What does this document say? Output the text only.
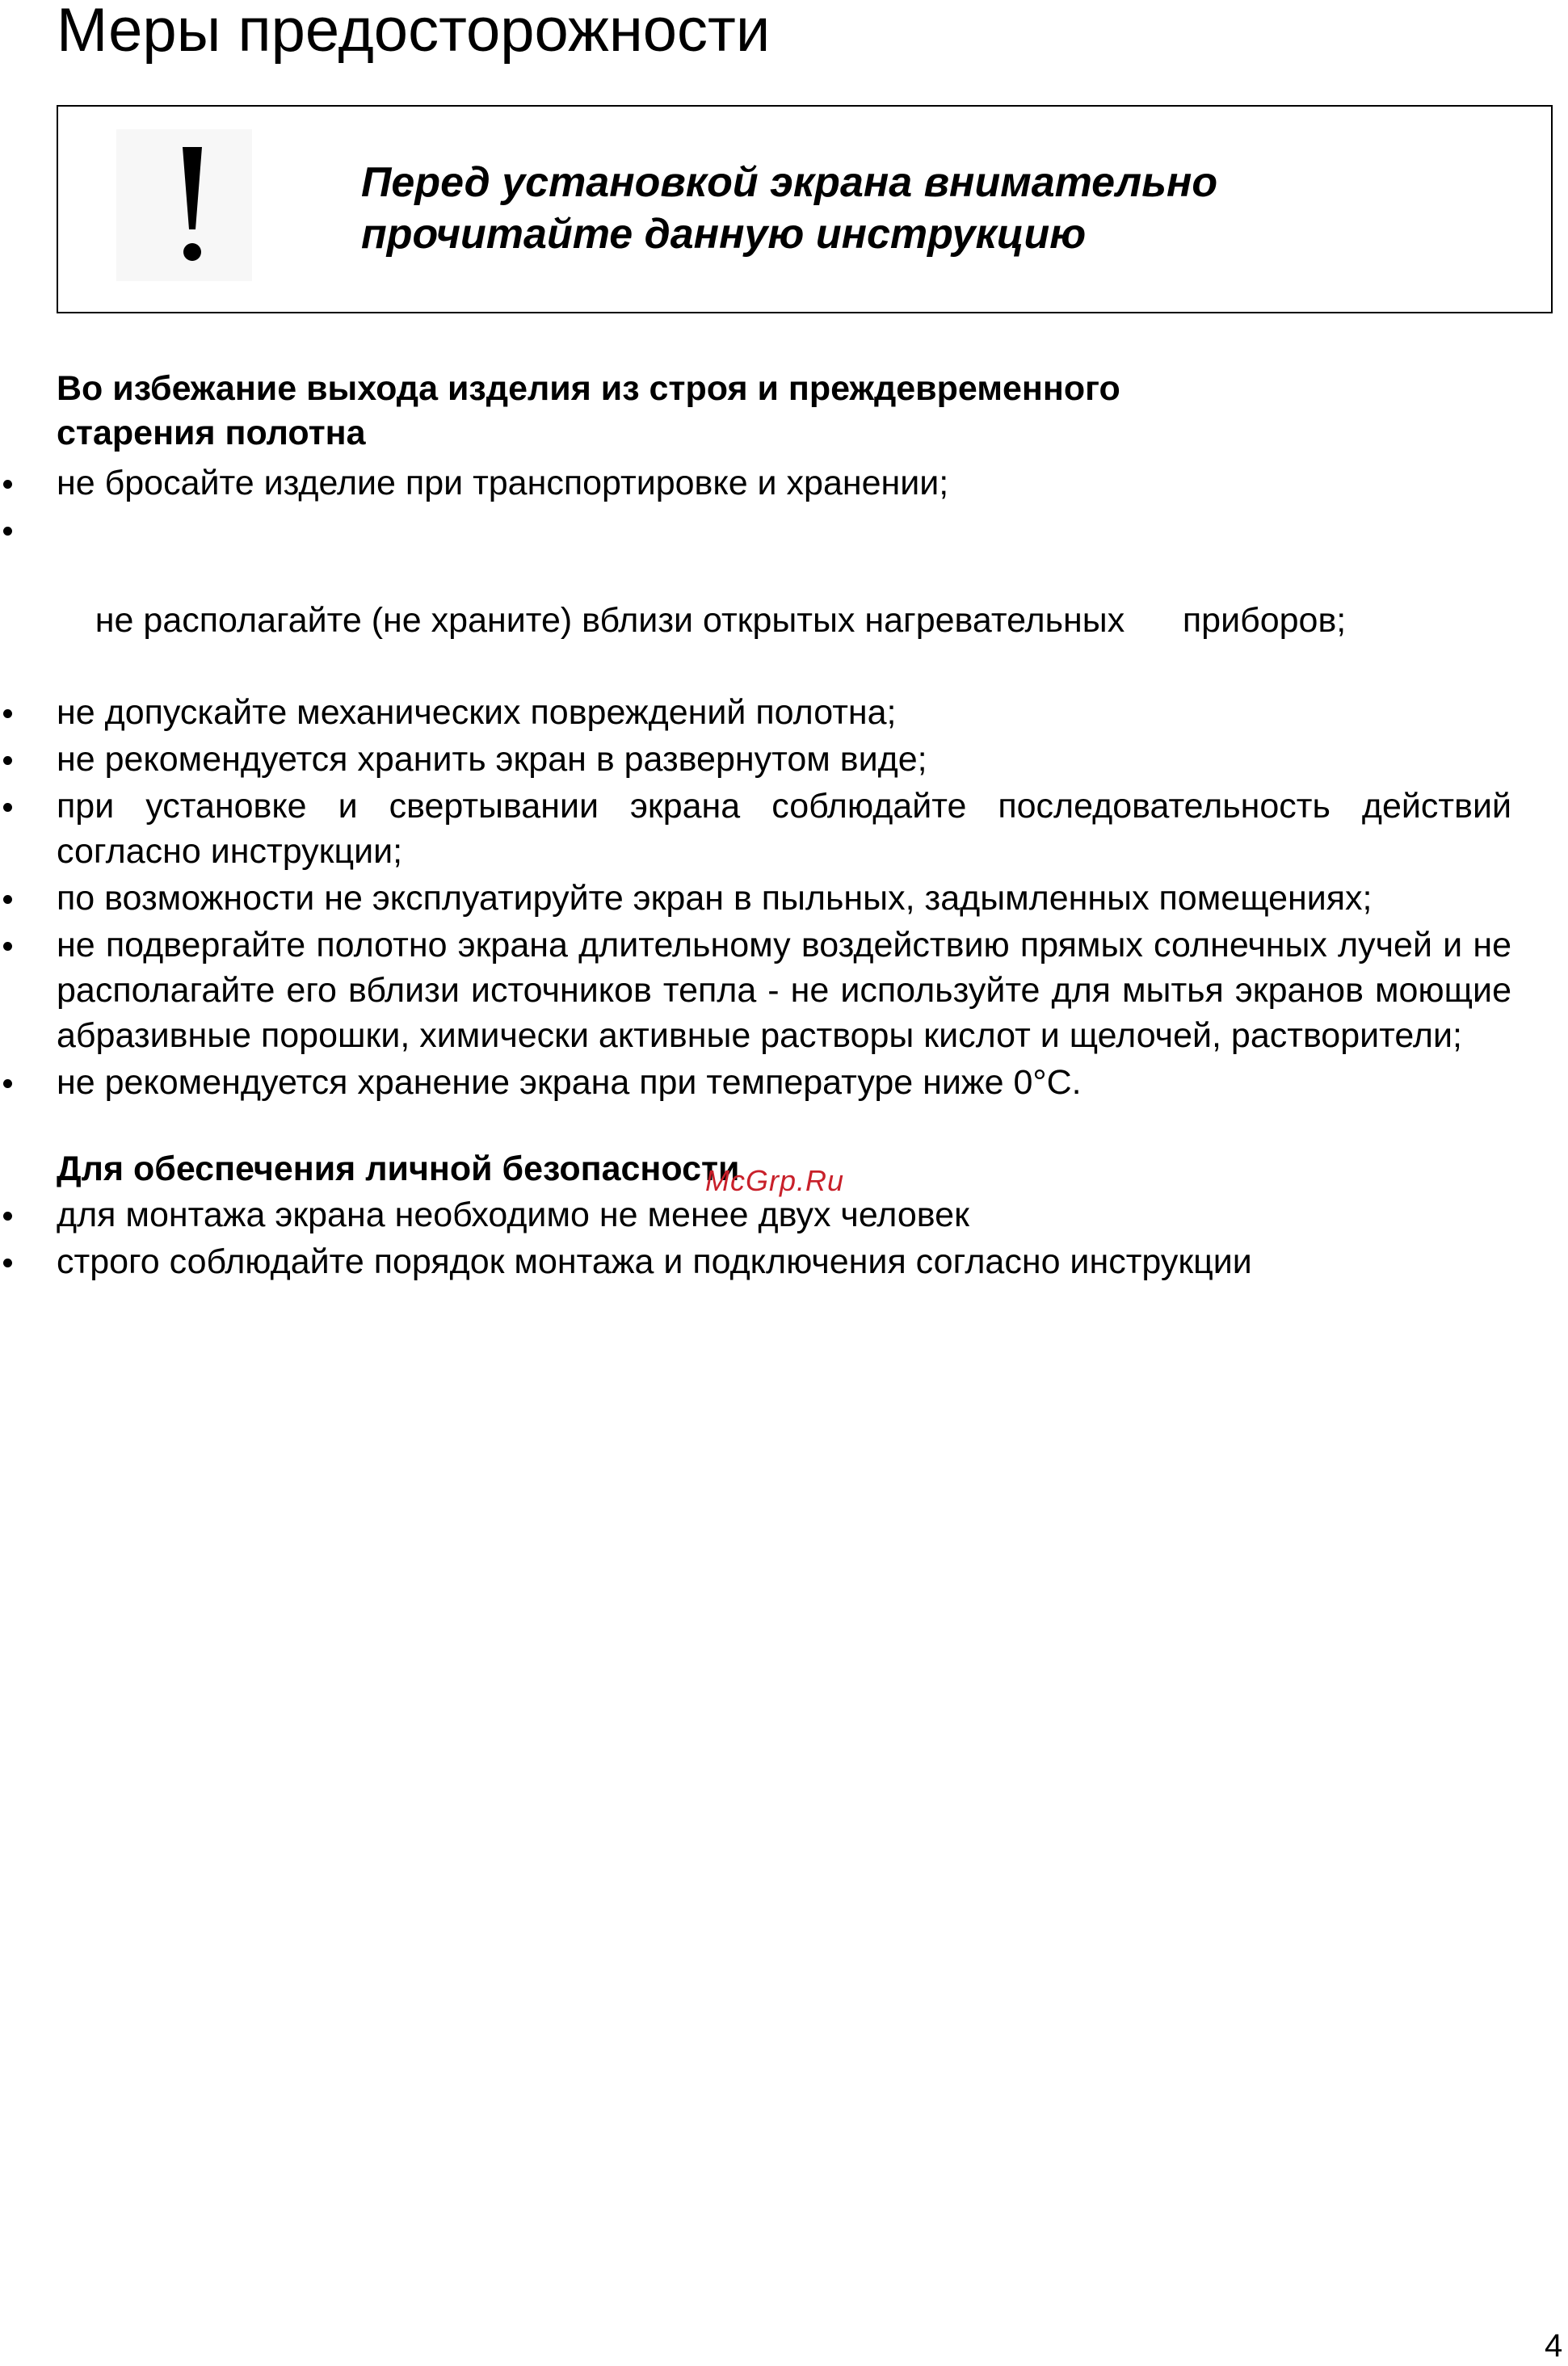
Меры предосторожности
Перед установкой экрана внимательно
прочитайте данную инструкцию
Во избежание выхода изделия из строя и преждевременного
старения полотна
не бросайте изделие при транспортировке и хранении;

не располагайте (не храните) вблизи открытых нагревательных      приборов;

не допускайте механических повреждений полотна;
не рекомендуется хранить экран в развернутом виде;
при установке и свертывании экрана соблюдайте последовательность действий согласно инструкции;
по возможности не эксплуатируйте экран в пыльных, задымленных помещениях;
не подвергайте полотно экрана длительному воздействию прямых солнечных лучей и не располагайте его вблизи источников тепла - не используйте для мытья экранов моющие абразивные порошки, химически активные растворы кислот и щелочей, растворители;
не рекомендуется хранение экрана при температуре ниже 0°C.
Для обеспечения личной безопасности
для монтажа экрана необходимо не менее двух человек
строго соблюдайте порядок монтажа и подключения согласно инструкции
McGrp.Ru
4
